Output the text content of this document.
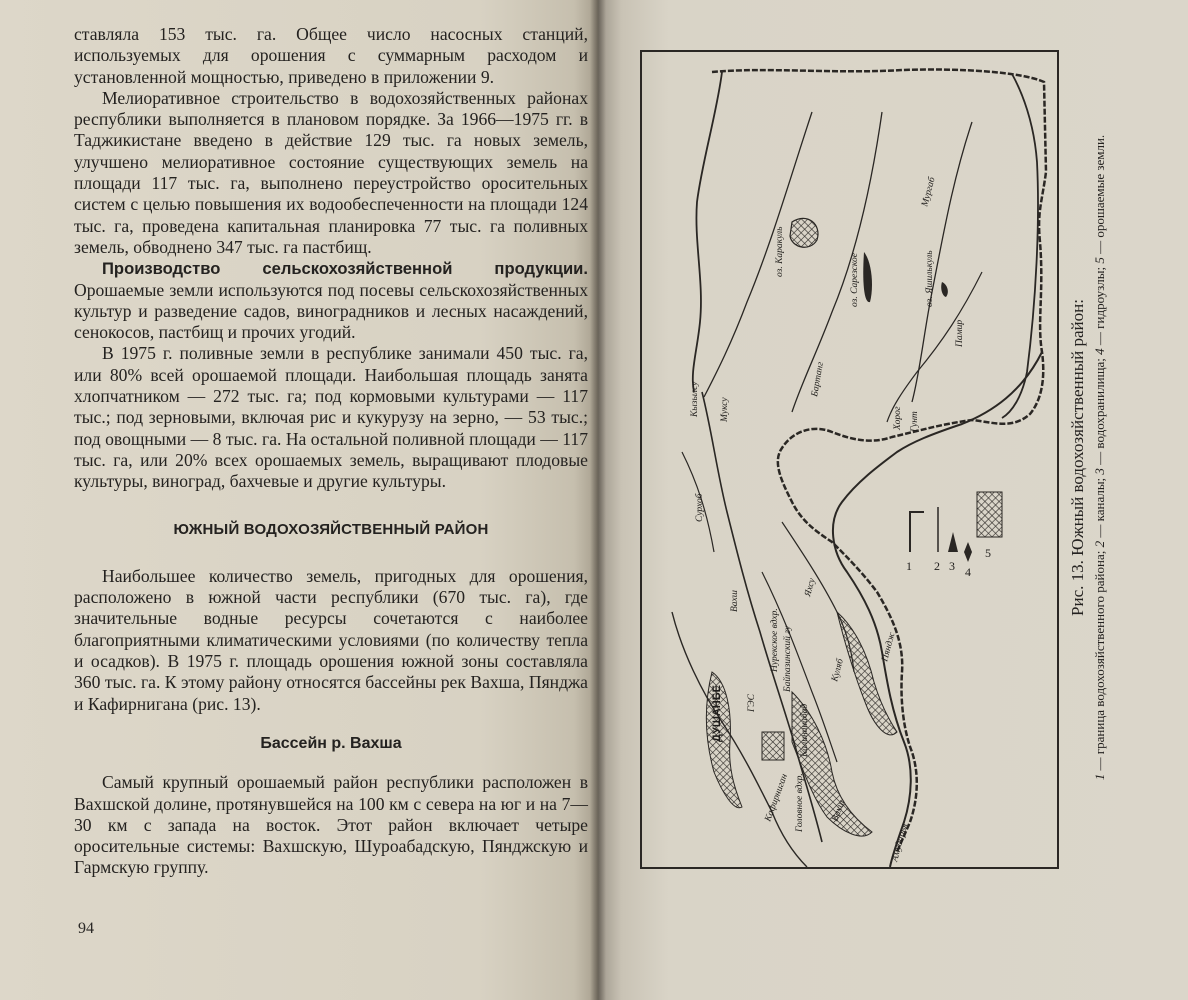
ставляла 153 тыс. га. Общее число насосных станций, используемых для орошения с суммарным расходом и установленной мощностью, приведено в приложении 9.

Мелиоративное строительство в водохозяйственных районах республики выполняется в плановом порядке. За 1966—1975 гг. в Таджикистане введено в действие 129 тыс. га новых земель, улучшено мелиоративное состояние существующих земель на площади 117 тыс. га, выполнено переустройство оросительных систем с целью повышения их водообеспеченности на площади 124 тыс. га, проведена капитальная планировка 77 тыс. га поливных земель, обводнено 347 тыс. га пастбищ.

Производство сельскохозяйственной продукции. Орошаемые земли используются под посевы сельскохозяйственных культур и разведение садов, виноградников и лесных насаждений, сенокосов, пастбищ и прочих угодий.

В 1975 г. поливные земли в республике занимали 450 тыс. га, или 80% всей орошаемой площади. Наибольшая площадь занята хлопчатником — 272 тыс. га; под кормовыми культурами — 117 тыс.; под зерновыми, включая рис и кукурузу на зерно, — 53 тыс.; под овощными — 8 тыс. га. На остальной поливной площади — 117 тыс. га, или 20% всех орошаемых земель, выращивают плодовые культуры, виноград, бахчевые и другие культуры.

ЮЖНЫЙ ВОДОХОЗЯЙСТВЕННЫЙ РАЙОН

Наибольшее количество земель, пригодных для орошения, расположено в южной части республики (670 тыс. га), где значительные водные ресурсы сочетаются с наиболее благоприятными климатическими условиями (по количеству тепла и осадков). В 1975 г. площадь орошения южной зоны составляла 360 тыс. га. К этому району относятся бассейны рек Вахша, Пянджа и Кафирнигана (рис. 13).

Бассейн р. Вахша

Самый крупный орошаемый район республики расположен в Вахшской долине, протянувшейся на 100 км с севера на юг и на 7—30 км с запада на восток. Этот район включает четыре оросительные системы: Вахшскую, Шуроабадскую, Пянджскую и Гармскую группу.

94
ДУШАНБЕ	ГЭС
Нурекское вдхр. Байпазинский гу
Калининабад
Головное вдхр.
Кафирниган
Вахш
Вахш
Кызылсу
Куляб
Яхсу
Пяндж
Амударья
Сурхоб
Муксу
оз. Каракуль
оз. Сарезское	оз. Яшилькуль
Мургаб
Памир
Бартанг
Гунт
Хорог
1 2 3 4
5	Рис. 13. Южный водохозяйственный район:

1 — граница водохозяйственного района; 2 — каналы; 3 — водохранилища; 4 — гидроузлы; 5 — орошаемые земли.
